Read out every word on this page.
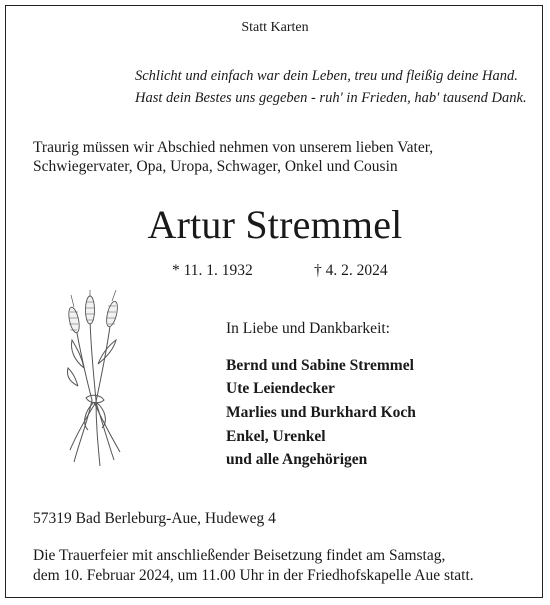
Statt Karten
Schlicht und einfach war dein Leben, treu und fleißig deine Hand.
Hast dein Bestes uns gegeben - ruh' in Frieden, hab' tausend Dank.
Traurig müssen wir Abschied nehmen von unserem lieben Vater,
Schwiegervater, Opa, Uropa, Schwager, Onkel und Cousin
Artur Stremmel
* 11. 1. 1932	† 4. 2. 2024
In Liebe und Dankbarkeit:
Bernd und Sabine Stremmel
Ute Leiendecker
Marlies und Burkhard Koch
Enkel, Urenkel
und alle Angehörigen
57319 Bad Berleburg-Aue, Hudeweg 4
Die Trauerfeier mit anschließender Beisetzung findet am Samstag,
dem 10. Februar 2024, um 11.00 Uhr in der Friedhofskapelle Aue statt.
